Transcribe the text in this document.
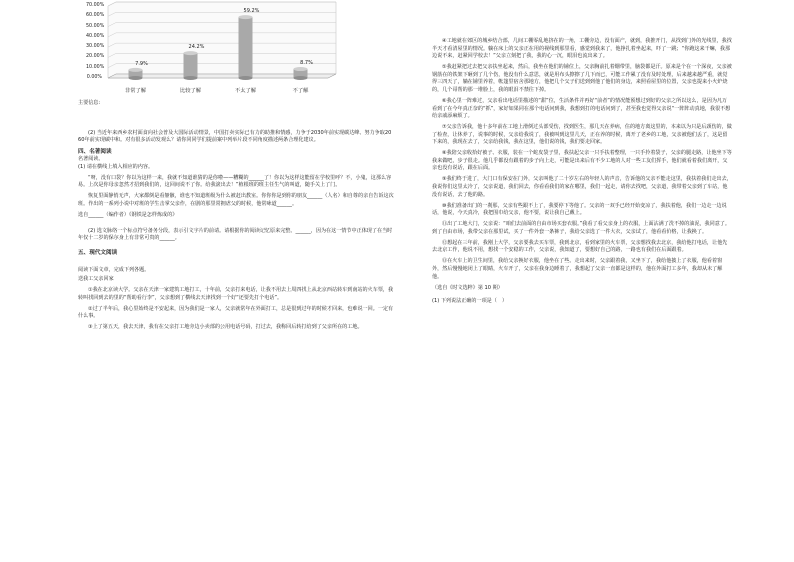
0.00%
10.00%
20.00%
30.00%
40.00%
50.00%
60.00%
70.00%
7.9%
24.2%
59.2%
8.7%
非常了解	比较了解	不太了解	不了解

主要信息:

(2) 当近年来西乡农村面食向社会普及大国际活动情景，中国打卖实际已有力的助推和情感，力争于2030年前实现碳达峰、努力争取2060年前实现碳中和。对有很多活动发观么？请你同同学们提前案中列举片段不同角度描述两条合理化建议。

四、名著阅读

名著阅读。

(1) 请在横线上填入相应的内容。

“呀，没有口袋？你以为这样一来，我就不知道谁猜的是你啦——糟糊的______了！你以为这样这能留在学校里呼？不，小鬼，这那么容易。上次是你母亲忽然才招到我们的，这回间说不了你。给我滚出去！”植根班的班主任生气的叫道，随手关上了门。

恢复里面静悄无声，大家都倒是看躯骸，谁也不知道班级为什么被赶出教室。你你你是到你的朋友______（人名）和自尊的亲自告诉这次班。作出的一系列小说中对班的学生击掌父亲作，在剧的那里常拥虐父的时候，他常咏道______。

选自______（编作者）《钢铁是怎样炼成的》

(2) 选文脉络一个标点符号备务分段，表示引文字片的前请。请根据你的阅读记忆原来完整。______，因为在这一情节中正体现了在当时年仅十二岁的保尔身上有非常可贵的______。

五、现代文阅读

阅读下面文章，完成下列各题。

送我工父亲回家

①我在北京读大学。父亲在天津一家建筑工地打工，十年前，父亲打来电话，让我不用去上周四找上从北京西站转车到南站的火车票，我转叫找回到去的里的“帮助看行李”，父亲想到了横线去天津找到一个好“还要先打个电话”。

②过了半年后，我心里始终是不安起来，因为我们是一家人，父亲就常年在外面打工，总是很到过年的时候才回来，也难说一回。一定有什么事。

③上了第五天，我去天津，我有在父亲打工地旁边小卖部的公用电话号码，打过去，我称回后转打给到了父亲所在的工地。

④工地就在郊区的城乡结合部，几间工棚零乱地挤在的一角，工棚旁边，没有面产，就到，我推开门，从找到门外的光线里，我找半天才看清屋里的情况。躺在床上的父亲正在用的视线到那里看，感觉到我来了，他挣扎着坐起来，吓了一跳；“你跑这来干嘛，我那边说不来，赶紧回学校去！”父亲立刻把了我，我的心一沉，眼泪也流出来了。

⑤我赶紧把过去把父亲扶坐起来，然后，我坐在他们的铺位上，父亲胸前扎着绷带里，脑袋都是汗。原来是个在一个深夜，父亲被钢筋在的铁架下砸到了几个伤，他没有什么意思，就是用布头擦擦了几下而已，可能工作累了没有及时处理，后来越来越严重，就觉得三四天了，躺在铺里养着，帐篷里宿舍那地方，他把几个父子们送到到他了他们的身边，来照看屋里的位置，父亲也提来小火炉烧的，几个哥帮的那一堆脸上，我的眼泪不禁往下掉。

⑥我心里一阵难过，父亲看出电话里描述的“甜”位，生活条件并再好“前者”的情况能预想过到好的父亲之所以这么，是因为凡万看到了在今年真正奈的“抓”，家好如果同在那个电话问到我，我想到打的电话问到了，甚至我也觉得父亲说“一阵阵动真地，我很不想给亲戚添麻烦了。

⑦父亲告诉我，他十多年前在工地上滑倒过头部受伤，找到医生，那几天在养病，住的地方离这里的，本来以为只是后颈伤的，做了检查，让休养了，说事的时候，父亲给我说了，我被叫到这里几天，正在养的时候，离开了老乡的工地，父亲被他们丢了，这是留下来的，我现在去了，父亲给我钱，我在这里，他们说的钱，我们要走回家。

⑧我陪父亲收拾好被子、衣服，装在一个蛇皮袋子里，我扶起父亲一只手扶着整理，一只手拎着袋子，父亲的腿走路，让他坐下等我来做吧，步子很走。他几乎都没有跟着的步子向上走，可能是出来后有不少工地的人对一些工友们挥手，他们就看着我们离开，父亲也没有说话，跟在后面。

⑨我们终于进了，大门口有保安在门外，父亲叫他了二十岁左右的年轻人的声音，告诉他的父亲不能走这里，我扶着我们走出去，我说你们这里太冷了，父亲说道，我们回去，你看看我们的家在哪里，我们一起走，请你去找吧，父亲道，我带着父亲到了车站，他没有说话，去了他的路。

⑩我们准备出门的一刹那，父亲有些跟不上了，我要停下等他了。父亲的一双手已经开始变凉了，我扶着他，我们一边走一边说话，他说，今天真冷，我把围巾给父亲，他不要，说让我自己戴上。

⑪出了工地大门，父亲说：“咱们去前面的自由市场买套衣服。”我看了看父亲身上的衣服，上面沾满了洗不掉的油泥，我同意了。到了自由市场，我带父亲在那里试，买了一件外套一条裤子，我给父亲选了一件大衣，父亲试了，他看看价格，让我换了。

⑫想起在三年前，我刚上大学，父亲要我去买车票，我到北京，看到家里的火车票，父亲想找我去北京，我给他打电话，让他先去北京工作，他说不用，想找一个安稳的工作，父亲说，我知道了，要想好自己的路，一路也有我们在后面跟着。

⑬在火车上的卫生间里，我给父亲换好衣服，他坐在了些。走出来时，父亲跟着我，又坐下了，我给他披上了衣服，他看着窗外，然后慢慢地闭上了眼睛，火车开了，父亲在我身边睡着了，我想起了父亲一直都是这样的，他在外面打工多年，我却从未了解他。

（选自《时文选粹》第 10 期）

(1) 下列说法正确的一项是（　）
